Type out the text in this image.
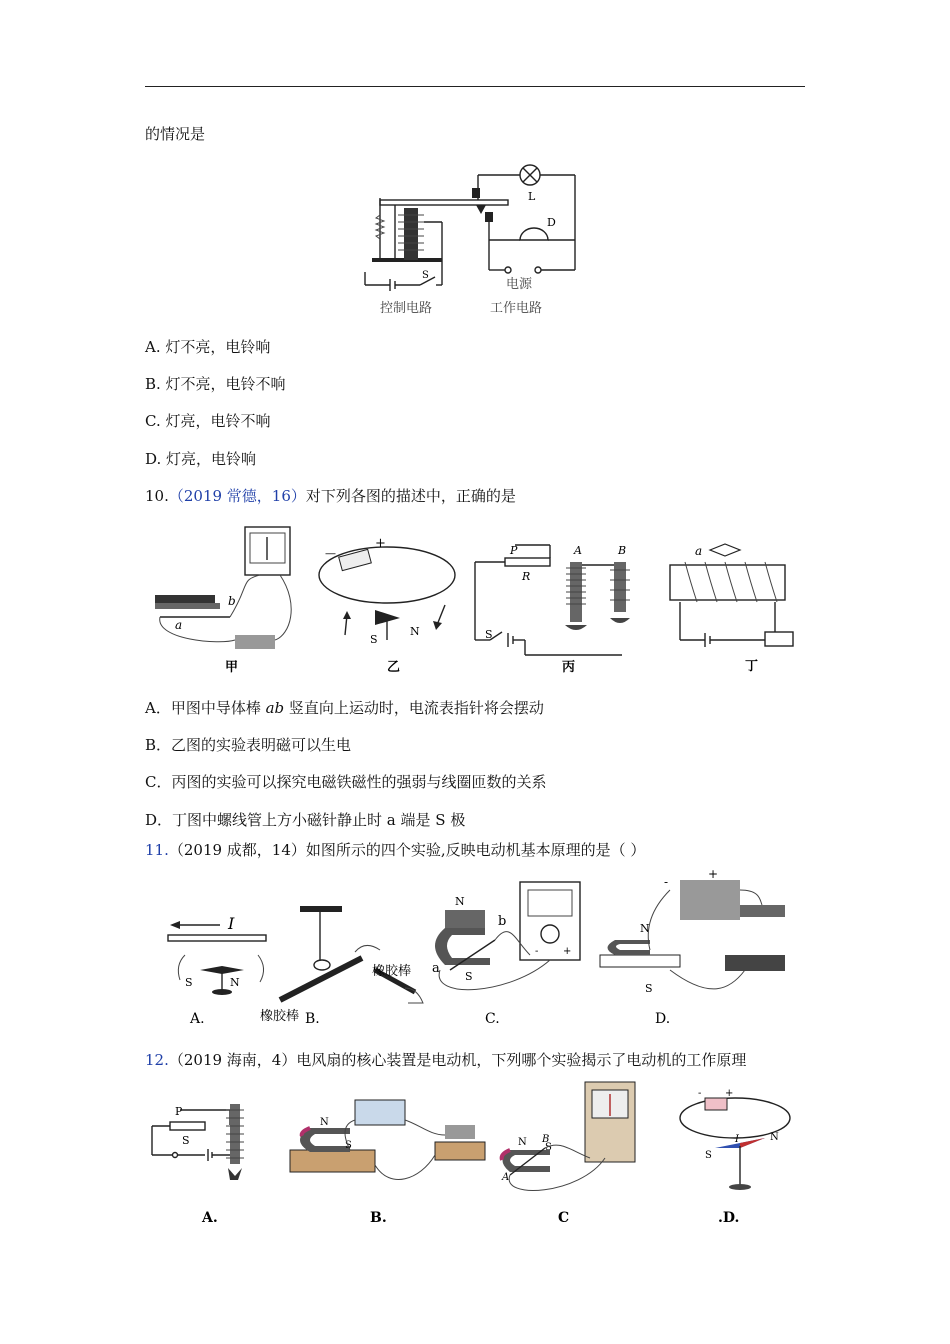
的情况是
L
D
电源
工作电路
S
控制电路
A. 灯不亮，电铃响
B. 灯不亮，电铃不响
C. 灯亮，电铃不响
D. 灯亮，电铃响
10.（2019 常德，16）对下列各图的描述中，正确的是
a
b
甲
—
+
S
N
乙
P
R
A	B
S
丙
a
丁
A．甲图中导体棒 ab 竖直向上运动时，电流表指针将会摆动
B．乙图的实验表明磁可以生电
C．丙图的实验可以探究电磁铁磁性的强弱与线圈匝数的关系
D．丁图中螺线管上方小磁针静止时 a 端是 S 极
11.（2019 成都，14）如图所示的四个实验,反映电动机基本原理的是（ ）
I
S	N
A.	橡胶棒
橡胶棒
B.
N
S
a
b
- +
C.
-
+
N
S
D.
12.（2019 海南，4）电风扇的核心装置是电动机，下列哪个实验揭示了电动机的工作原理
P
S
A.
N
S
B.
N S
A
B
C
- +
I
S
N
.D.
